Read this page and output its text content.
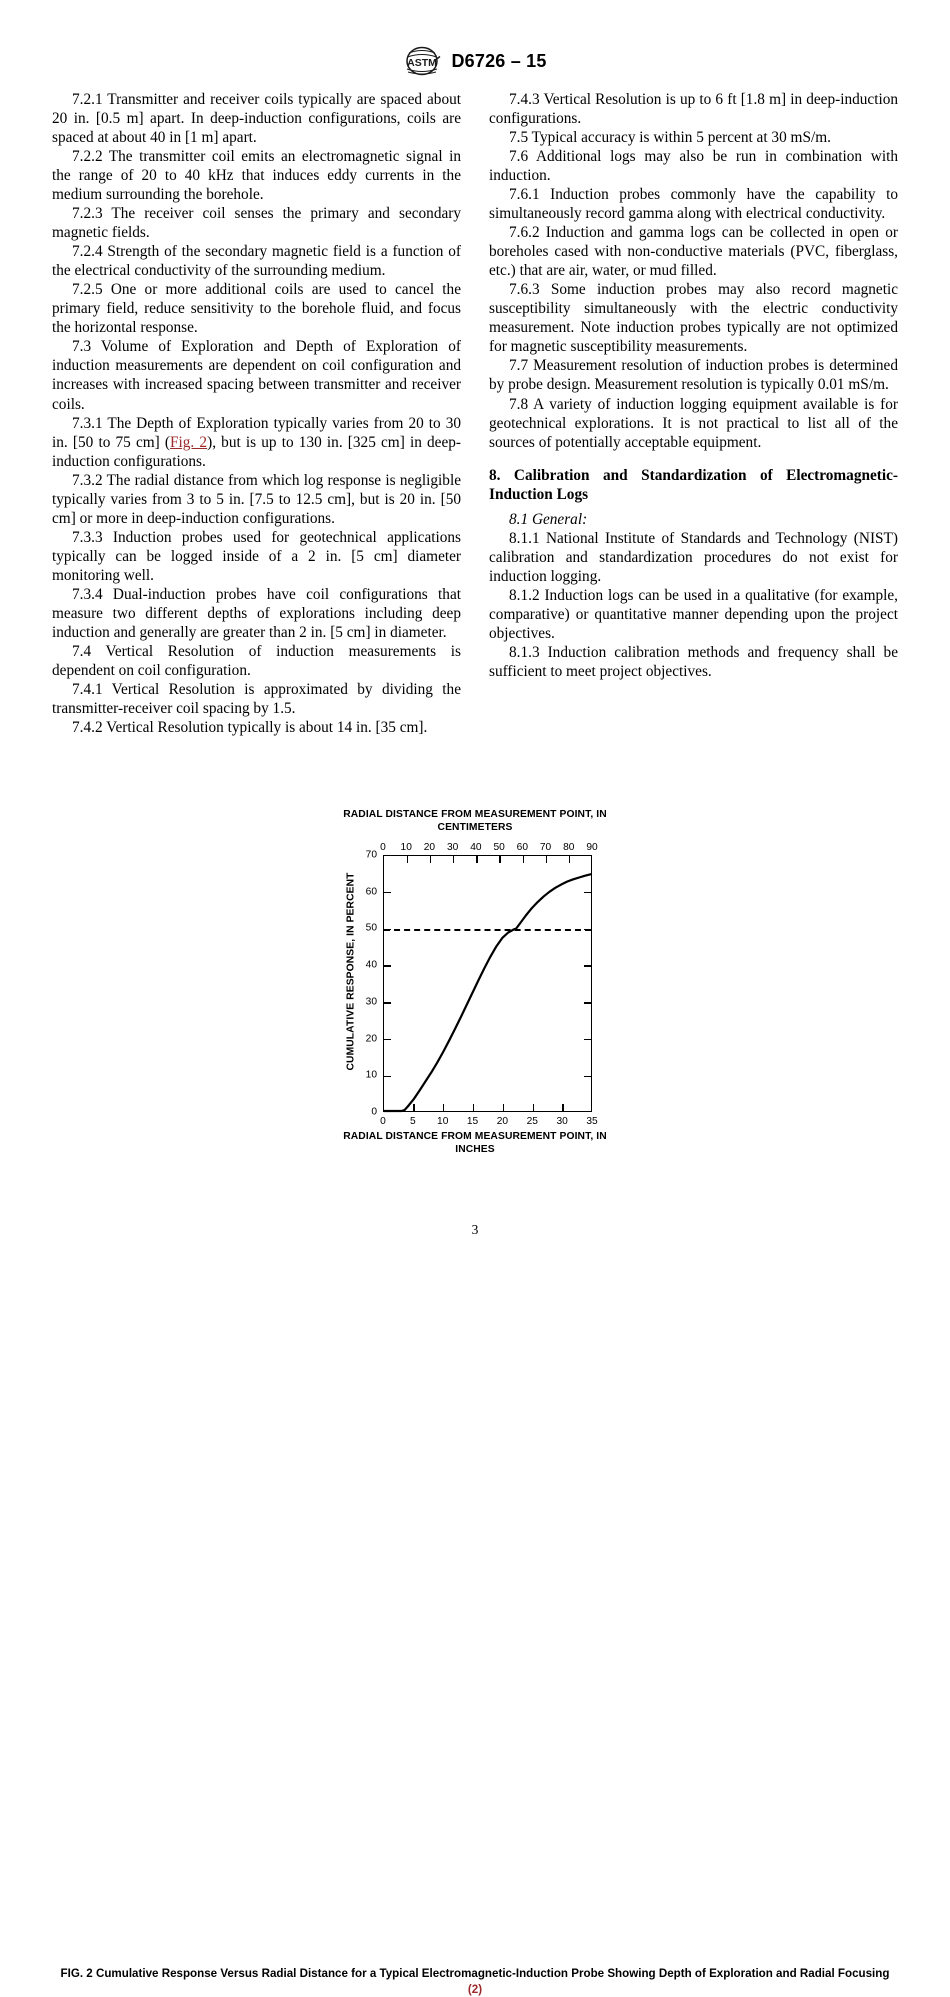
ASTM D6726 – 15

7.2.1 Transmitter and receiver coils typically are spaced about 20 in. [0.5 m] apart. In deep-induction configurations, coils are spaced at about 40 in [1 m] apart.

7.2.2 The transmitter coil emits an electromagnetic signal in the range of 20 to 40 kHz that induces eddy currents in the medium surrounding the borehole.

7.2.3 The receiver coil senses the primary and secondary magnetic fields.

7.2.4 Strength of the secondary magnetic field is a function of the electrical conductivity of the surrounding medium.

7.2.5 One or more additional coils are used to cancel the primary field, reduce sensitivity to the borehole fluid, and focus the horizontal response.

7.3 Volume of Exploration and Depth of Exploration of induction measurements are dependent on coil configuration and increases with increased spacing between transmitter and receiver coils.

7.3.1 The Depth of Exploration typically varies from 20 to 30 in. [50 to 75 cm] (Fig. 2), but is up to 130 in. [325 cm] in deep-induction configurations.

7.3.2 The radial distance from which log response is negligible typically varies from 3 to 5 in. [7.5 to 12.5 cm], but is 20 in. [50 cm] or more in deep-induction configurations.

7.3.3 Induction probes used for geotechnical applications typically can be logged inside of a 2 in. [5 cm] diameter monitoring well.

7.3.4 Dual-induction probes have coil configurations that measure two different depths of explorations including deep induction and generally are greater than 2 in. [5 cm] in diameter.

7.4 Vertical Resolution of induction measurements is dependent on coil configuration.

7.4.1 Vertical Resolution is approximated by dividing the transmitter-receiver coil spacing by 1.5.

7.4.2 Vertical Resolution typically is about 14 in. [35 cm].

7.4.3 Vertical Resolution is up to 6 ft [1.8 m] in deep-induction configurations.

7.5 Typical accuracy is within 5 percent at 30 mS/m.

7.6 Additional logs may also be run in combination with induction.

7.6.1 Induction probes commonly have the capability to simultaneously record gamma along with electrical conductivity.

7.6.2 Induction and gamma logs can be collected in open or boreholes cased with non-conductive materials (PVC, fiberglass, etc.) that are air, water, or mud filled.

7.6.3 Some induction probes may also record magnetic susceptibility simultaneously with the electric conductivity measurement. Note induction probes typically are not optimized for magnetic susceptibility measurements.

7.7 Measurement resolution of induction probes is determined by probe design. Measurement resolution is typically 0.01 mS/m.

7.8 A variety of induction logging equipment available is for geotechnical explorations. It is not practical to list all of the sources of potentially acceptable equipment.

8. Calibration and Standardization of Electromagnetic-Induction Logs

8.1 General:

8.1.1 National Institute of Standards and Technology (NIST) calibration and standardization procedures do not exist for induction logging.

8.1.2 Induction logs can be used in a qualitative (for example, comparative) or quantitative manner depending upon the project objectives.

8.1.3 Induction calibration methods and frequency shall be sufficient to meet project objectives.

RADIAL DISTANCE FROM MEASUREMENT POINT, IN CENTIMETERS
RADIAL DISTANCE FROM MEASUREMENT POINT, IN INCHES
CUMULATIVE RESPONSE, IN PERCENT
0 10 20 30 40 50 60 70 80 90
0 5 10 15 20 25 30 35
0
10
20
30
40
50
60
70
FIG. 2 Cumulative Response Versus Radial Distance for a Typical Electromagnetic-Induction Probe Showing Depth of Exploration and Radial Focusing (2)
3
